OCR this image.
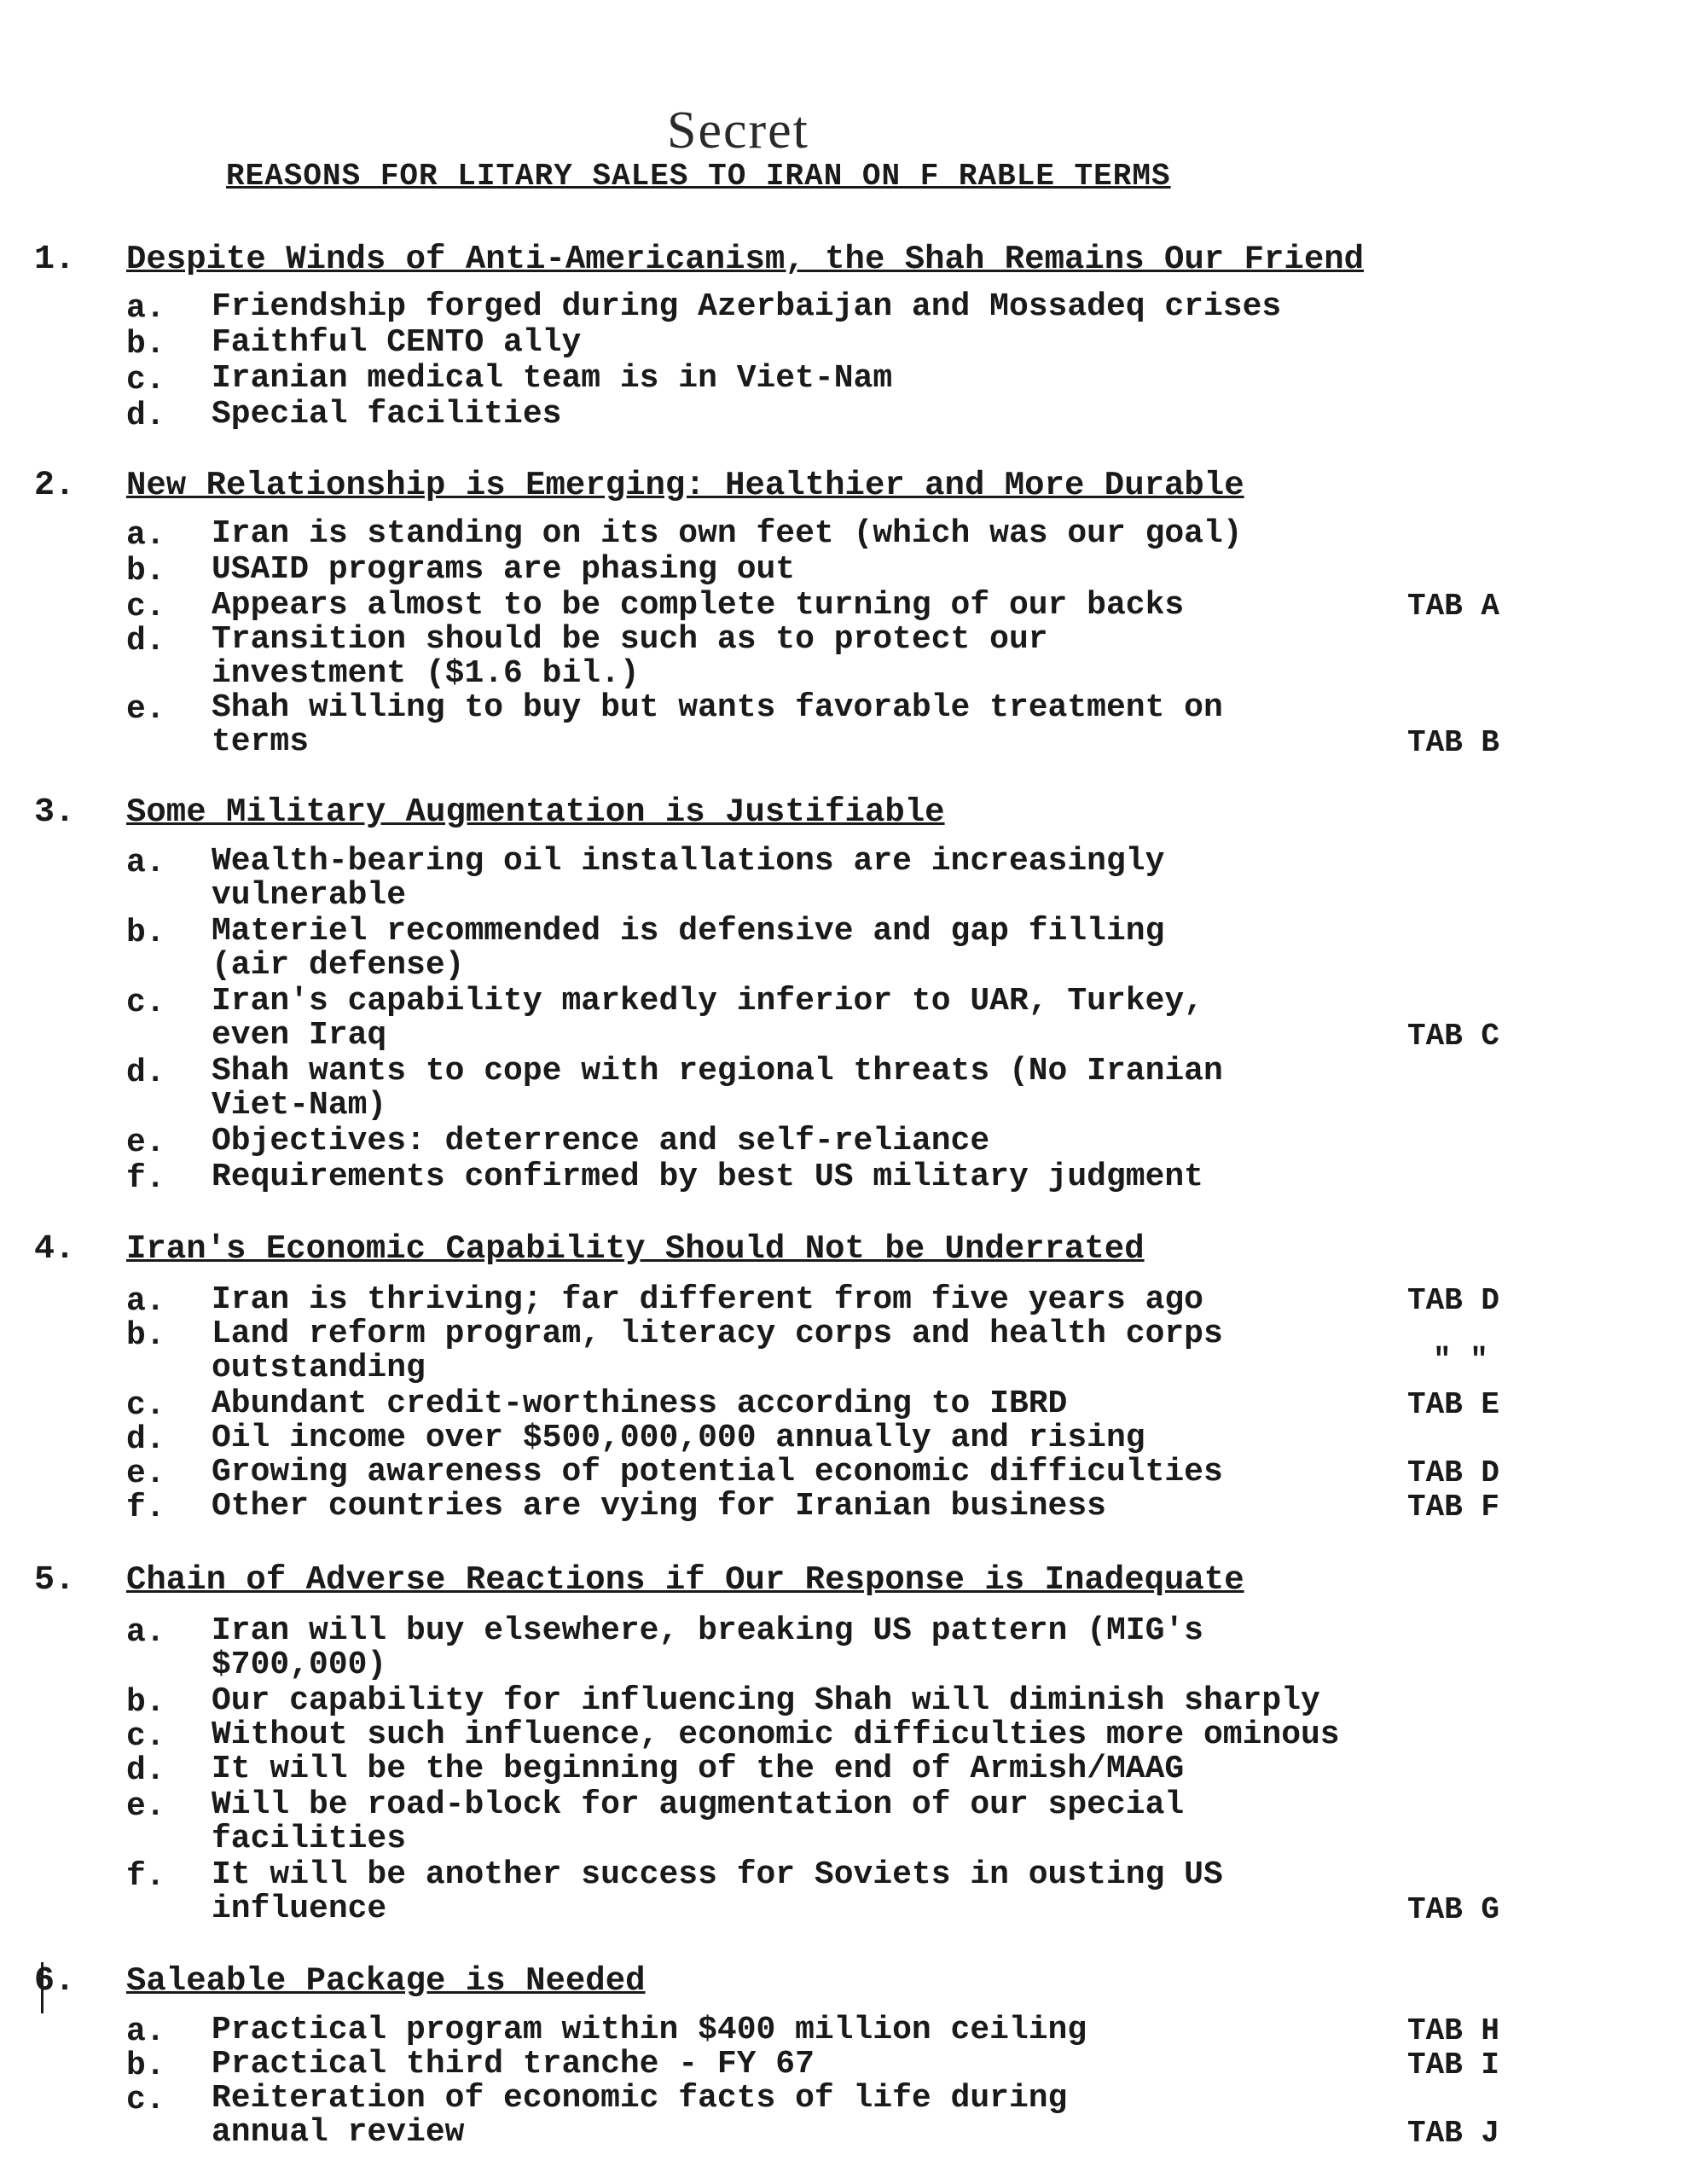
Secret
REASONS FOR LITARY SALES TO IRAN ON F RABLE TERMS
1. Despite Winds of Anti-Americanism, the Shah Remains Our Friend
a. Friendship forged during Azerbaijan and Mossadeq crises
b. Faithful CENTO ally
c. Iranian medical team is in Viet-Nam
d. Special facilities
2. New Relationship is Emerging: Healthier and More Durable
a. Iran is standing on its own feet (which was our goal)
b. USAID programs are phasing out
c. Appears almost to be complete turning of our backs	TAB A
d. Transition should be such as to protect our
investment ($1.6 bil.)
e. Shah willing to buy but wants favorable treatment on
terms	TAB B
3. Some Military Augmentation is Justifiable
a. Wealth-bearing oil installations are increasingly
vulnerable
b. Materiel recommended is defensive and gap filling
(air defense)
c. Iran's capability markedly inferior to UAR, Turkey,
even Iraq	TAB C
d. Shah wants to cope with regional threats (No Iranian
Viet-Nam)
e. Objectives: deterrence and self-reliance
f. Requirements confirmed by best US military judgment
4. Iran's Economic Capability Should Not be Underrated
a. Iran is thriving; far different from five years ago	TAB D
b. Land reform program, literacy corps and health corps
outstanding	" "
c. Abundant credit-worthiness according to IBRD	TAB E
d. Oil income over $500,000,000 annually and rising
e. Growing awareness of potential economic difficulties	TAB D
f. Other countries are vying for Iranian business	TAB F
5. Chain of Adverse Reactions if Our Response is Inadequate
a. Iran will buy elsewhere, breaking US pattern (MIG's
$700,000)
b. Our capability for influencing Shah will diminish sharply
c. Without such influence, economic difficulties more ominous
d. It will be the beginning of the end of Armish/MAAG
e. Will be road-block for augmentation of our special
facilities
f. It will be another success for Soviets in ousting US
influence	TAB G
6. Saleable Package is Needed
a. Practical program within $400 million ceiling	TAB H
b. Practical third tranche - FY 67	TAB I
c. Reiteration of economic facts of life during
annual review	TAB J
